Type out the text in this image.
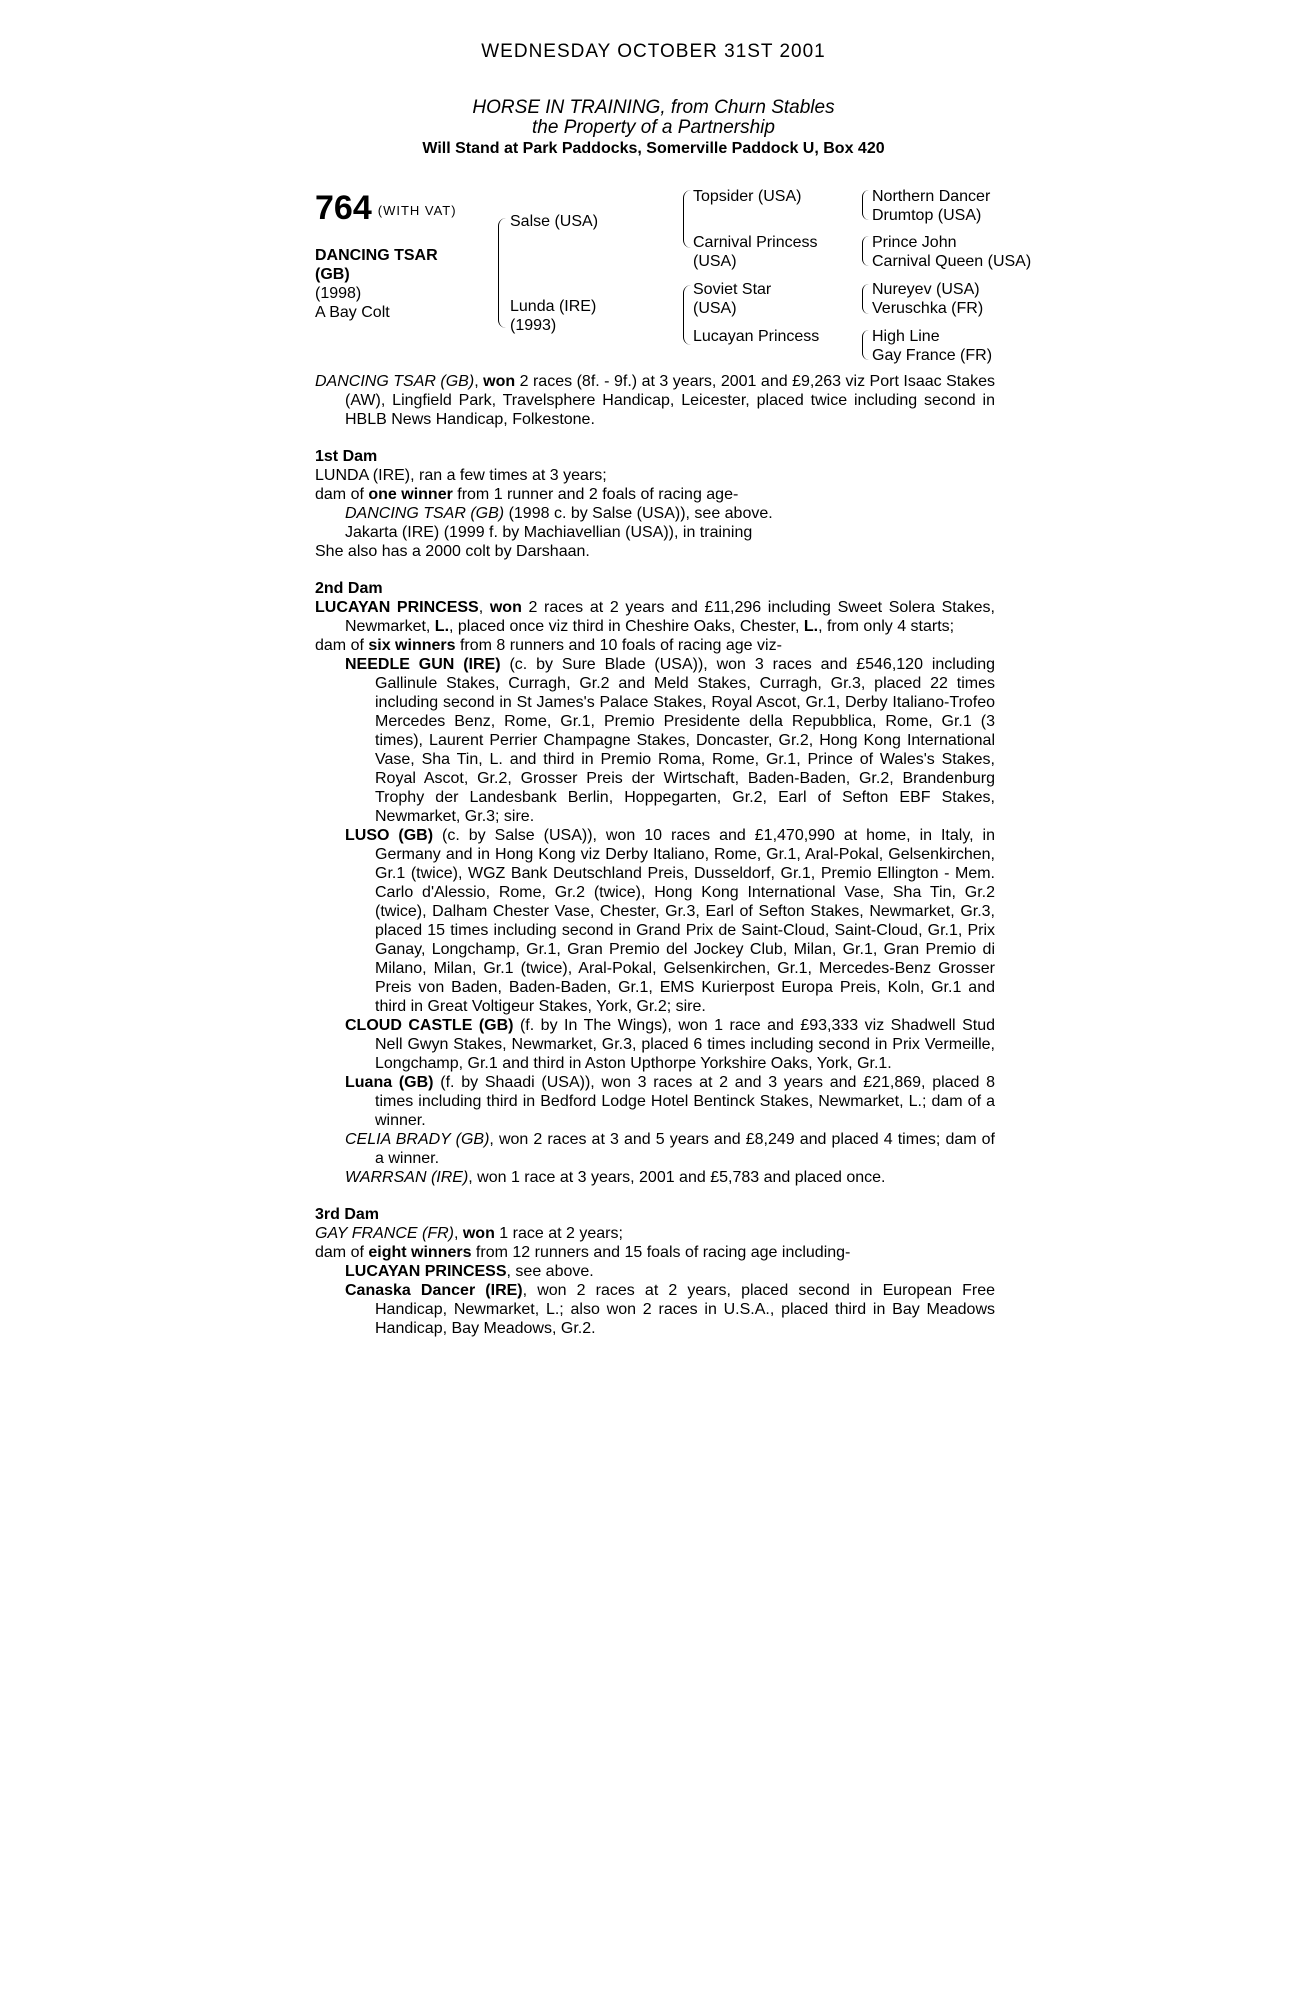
WEDNESDAY OCTOBER 31ST 2001
HORSE IN TRAINING, from Churn Stables
the Property of a Partnership
Will Stand at Park Paddocks, Somerville Paddock U, Box 420
764 $^{(WITH VAT)}$
DANCING TSAR
(GB)
(1998)
A Bay Colt
Salse (USA)
Lunda (IRE)
(1993)
Topsider (USA)
Carnival Princess
(USA)
Soviet Star
(USA)
Lucayan Princess
Northern Dancer
Drumtop (USA)
Prince John
Carnival Queen (USA)
Nureyev (USA)
Veruschka (FR)
High Line
Gay France (FR)

DANCING TSAR (GB), won 2 races (8f. - 9f.) at 3 years, 2001 and £9,263 viz Port Isaac Stakes (AW), Lingfield Park, Travelsphere Handicap, Leicester, placed twice including second in HBLB News Handicap, Folkestone.

1st Dam

LUNDA (IRE), ran a few times at 3 years;

dam of one winner from 1 runner and 2 foals of racing age-

DANCING TSAR (GB) (1998 c. by Salse (USA)), see above.

Jakarta (IRE) (1999 f. by Machiavellian (USA)), in training

She also has a 2000 colt by Darshaan.

2nd Dam

LUCAYAN PRINCESS, won 2 races at 2 years and £11,296 including Sweet Solera Stakes, Newmarket, L., placed once viz third in Cheshire Oaks, Chester, L., from only 4 starts;

dam of six winners from 8 runners and 10 foals of racing age viz-

NEEDLE GUN (IRE) (c. by Sure Blade (USA)), won 3 races and £546,120 including Gallinule Stakes, Curragh, Gr.2 and Meld Stakes, Curragh, Gr.3, placed 22 times including second in St James's Palace Stakes, Royal Ascot, Gr.1, Derby Italiano-Trofeo Mercedes Benz, Rome, Gr.1, Premio Presidente della Repubblica, Rome, Gr.1 (3 times), Laurent Perrier Champagne Stakes, Doncaster, Gr.2, Hong Kong International Vase, Sha Tin, L. and third in Premio Roma, Rome, Gr.1, Prince of Wales's Stakes, Royal Ascot, Gr.2, Grosser Preis der Wirtschaft, Baden-Baden, Gr.2, Brandenburg Trophy der Landesbank Berlin, Hoppegarten, Gr.2, Earl of Sefton EBF Stakes, Newmarket, Gr.3; sire.

LUSO (GB) (c. by Salse (USA)), won 10 races and £1,470,990 at home, in Italy, in Germany and in Hong Kong viz Derby Italiano, Rome, Gr.1, Aral-Pokal, Gelsenkirchen, Gr.1 (twice), WGZ Bank Deutschland Preis, Dusseldorf, Gr.1, Premio Ellington - Mem. Carlo d'Alessio, Rome, Gr.2 (twice), Hong Kong International Vase, Sha Tin, Gr.2 (twice), Dalham Chester Vase, Chester, Gr.3, Earl of Sefton Stakes, Newmarket, Gr.3, placed 15 times including second in Grand Prix de Saint-Cloud, Saint-Cloud, Gr.1, Prix Ganay, Longchamp, Gr.1, Gran Premio del Jockey Club, Milan, Gr.1, Gran Premio di Milano, Milan, Gr.1 (twice), Aral-Pokal, Gelsenkirchen, Gr.1, Mercedes-Benz Grosser Preis von Baden, Baden-Baden, Gr.1, EMS Kurierpost Europa Preis, Koln, Gr.1 and third in Great Voltigeur Stakes, York, Gr.2; sire.

CLOUD CASTLE (GB) (f. by In The Wings), won 1 race and £93,333 viz Shadwell Stud Nell Gwyn Stakes, Newmarket, Gr.3, placed 6 times including second in Prix Vermeille, Longchamp, Gr.1 and third in Aston Upthorpe Yorkshire Oaks, York, Gr.1.

Luana (GB) (f. by Shaadi (USA)), won 3 races at 2 and 3 years and £21,869, placed 8 times including third in Bedford Lodge Hotel Bentinck Stakes, Newmarket, L.; dam of a winner.

CELIA BRADY (GB), won 2 races at 3 and 5 years and £8,249 and placed 4 times; dam of a winner.

WARRSAN (IRE), won 1 race at 3 years, 2001 and £5,783 and placed once.

3rd Dam

GAY FRANCE (FR), won 1 race at 2 years;

dam of eight winners from 12 runners and 15 foals of racing age including-

LUCAYAN PRINCESS, see above.

Canaska Dancer (IRE), won 2 races at 2 years, placed second in European Free Handicap, Newmarket, L.; also won 2 races in U.S.A., placed third in Bay Meadows Handicap, Bay Meadows, Gr.2.
